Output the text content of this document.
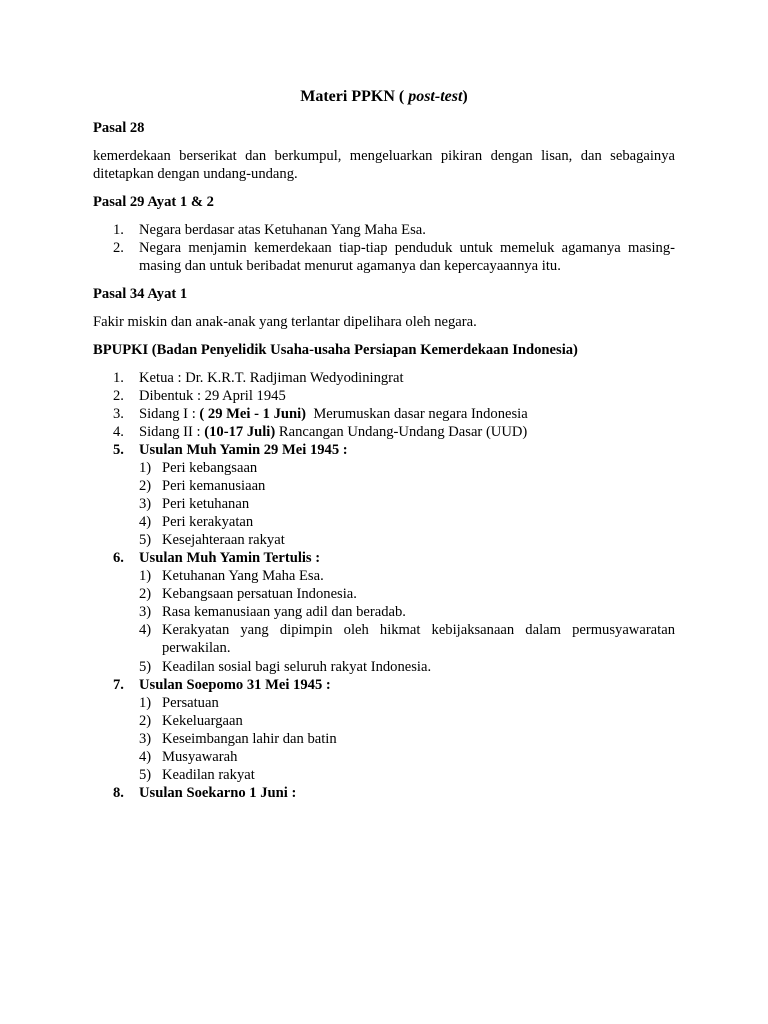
Materi PPKN ( post-test)
Pasal 28
kemerdekaan berserikat dan berkumpul, mengeluarkan pikiran dengan lisan, dan sebagainya ditetapkan dengan undang-undang.
Pasal 29 Ayat 1 & 2
1.	Negara berdasar atas Ketuhanan Yang Maha Esa.
2.	Negara menjamin kemerdekaan tiap-tiap penduduk untuk memeluk agamanya masing-masing dan untuk beribadat menurut agamanya dan kepercayaannya itu.
Pasal 34 Ayat 1
Fakir miskin dan anak-anak yang terlantar dipelihara oleh negara.
BPUPKI (Badan Penyelidik Usaha-usaha Persiapan Kemerdekaan Indonesia)
1.	Ketua : Dr. K.R.T. Radjiman Wedyodiningrat
2.	Dibentuk : 29 April 1945
3.	Sidang I : ( 29 Mei - 1 Juni)  Merumuskan dasar negara Indonesia
4.	Sidang II : (10-17 Juli) Rancangan Undang-Undang Dasar (UUD)
5.	Usulan Muh Yamin 29 Mei 1945 :
1) Peri kebangsaan
2) Peri kemanusiaan
3) Peri ketuhanan
4) Peri kerakyatan
5) Kesejahteraan rakyat
6.	Usulan Muh Yamin Tertulis :
1) Ketuhanan Yang Maha Esa.
2) Kebangsaan persatuan Indonesia.
3) Rasa kemanusiaan yang adil dan beradab.
4) Kerakyatan yang dipimpin oleh hikmat kebijaksanaan dalam permusyawaratan perwakilan.
5) Keadilan sosial bagi seluruh rakyat Indonesia.
7.	Usulan Soepomo 31 Mei 1945 :
1) Persatuan
2) Kekeluargaan
3) Keseimbangan lahir dan batin
4) Musyawarah
5) Keadilan rakyat
8.	Usulan Soekarno 1 Juni :
